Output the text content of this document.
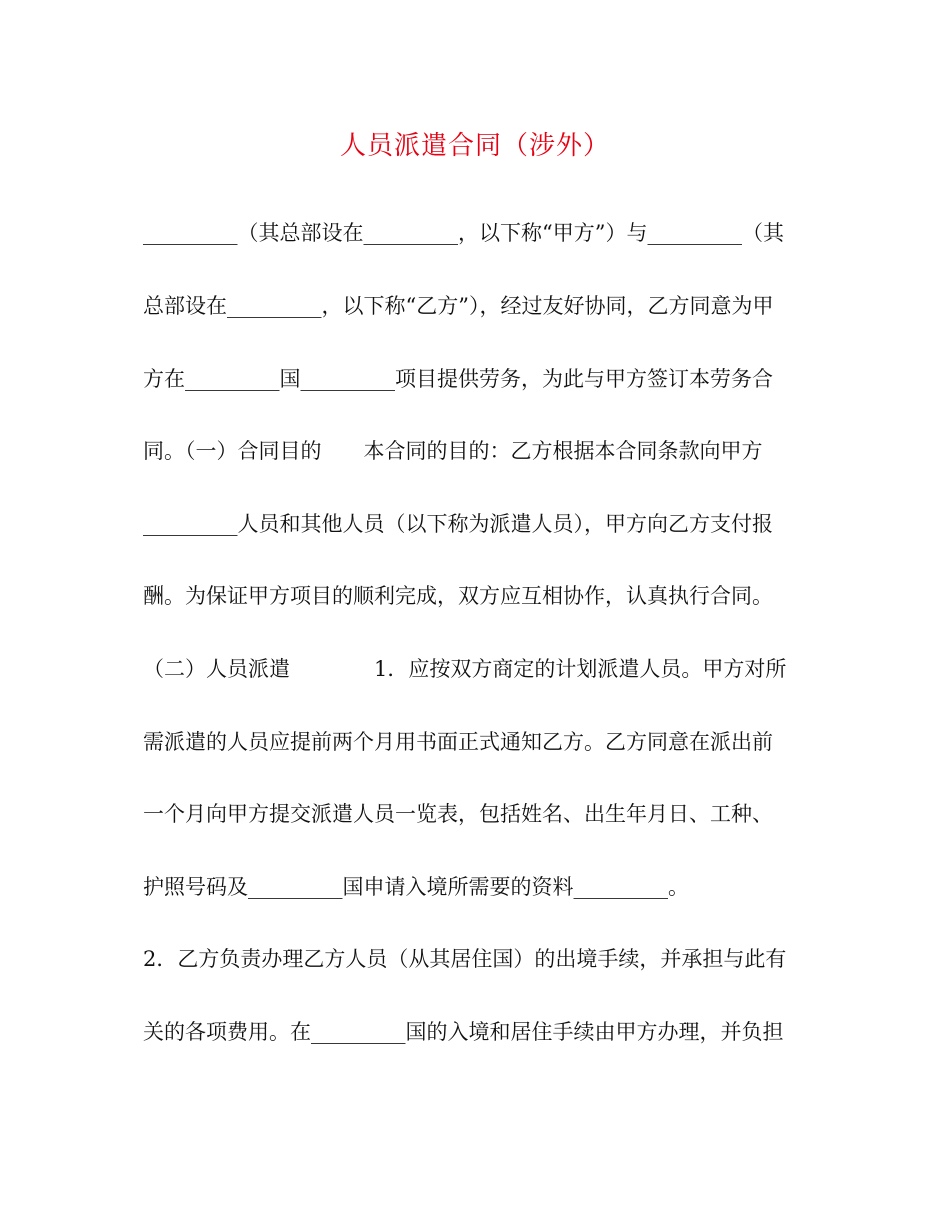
人员派遣合同（涉外）
_________（其总部设在_________，以下称“甲方”）与_________（其
总部设在_________，以下称“乙方”），经过友好协同，乙方同意为甲
方在_________国_________项目提供劳务，为此与甲方签订本劳务合
同。（一）合同目的　　本合同的目的：乙方根据本合同条款向甲方
_________人员和其他人员（以下称为派遣人员），甲方向乙方支付报
酬。为保证甲方项目的顺利完成，双方应互相协作，认真执行合同。
（二）人员派遣　　　　1．应按双方商定的计划派遣人员。甲方对所
需派遣的人员应提前两个月用书面正式通知乙方。乙方同意在派出前
一个月向甲方提交派遣人员一览表，包括姓名、出生年月日、工种、
护照号码及_________国申请入境所需要的资料_________。
2．乙方负责办理乙方人员（从其居住国）的出境手续，并承担与此有
关的各项费用。在_________国的入境和居住手续由甲方办理，并负担
